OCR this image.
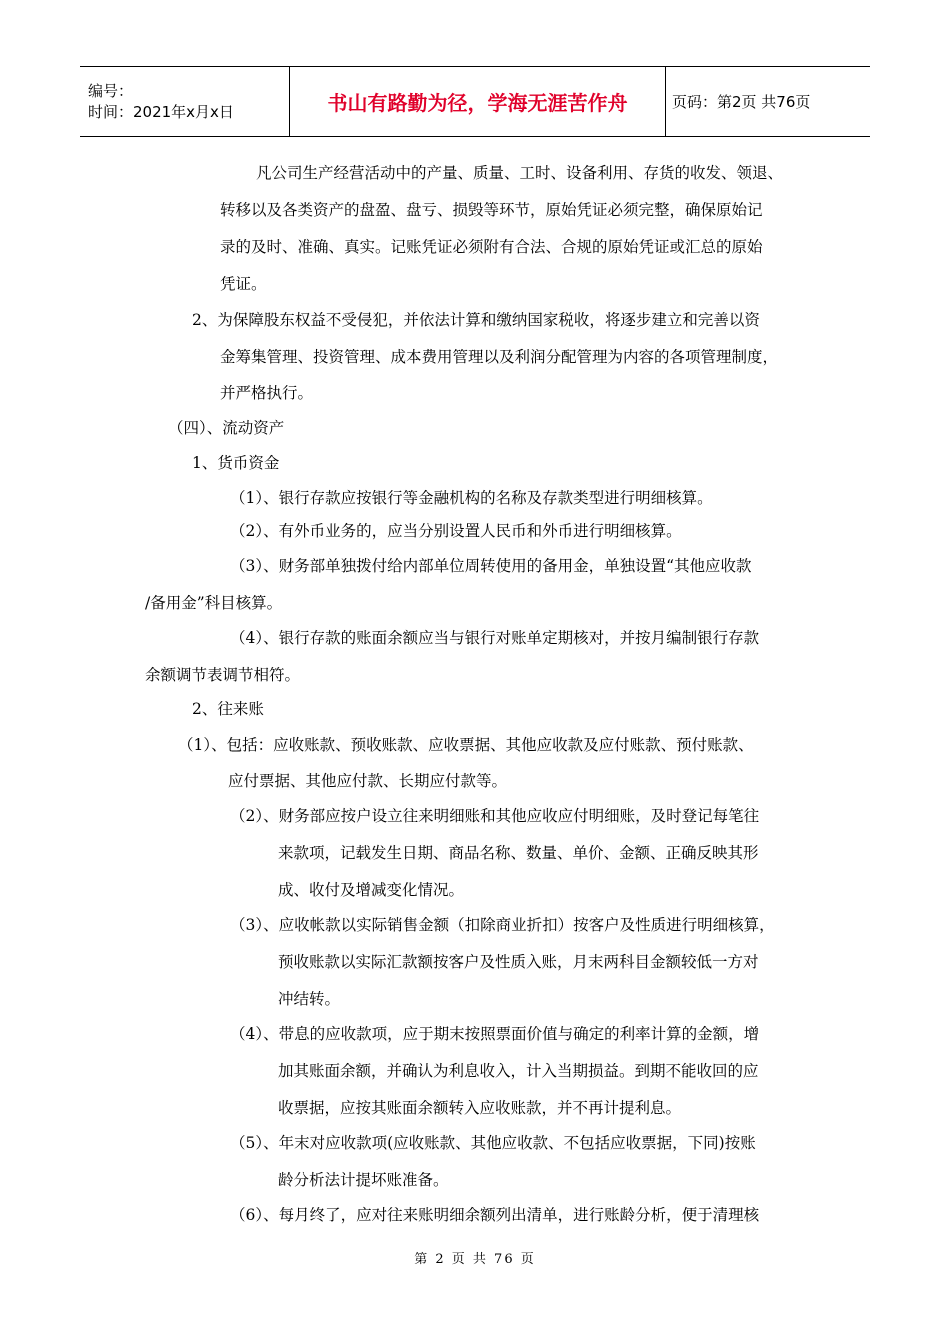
编号：
时间：2021年x月x日	书山有路勤为径，学海无涯苦作舟	页码：第2页 共76页
凡公司生产经营活动中的产量、质量、工时、设备利用、存货的收发、领退、
转移以及各类资产的盘盈、盘亏、损毁等环节，原始凭证必须完整，确保原始记
录的及时、准确、真实。记账凭证必须附有合法、合规的原始凭证或汇总的原始
凭证。
2、为保障股东权益不受侵犯，并依法计算和缴纳国家税收，将逐步建立和完善以资
金筹集管理、投资管理、成本费用管理以及利润分配管理为内容的各项管理制度，
并严格执行。
（四）、流动资产
1、货币资金
（1）、银行存款应按银行等金融机构的名称及存款类型进行明细核算。
（2）、有外币业务的，应当分别设置人民币和外币进行明细核算。
（3）、财务部单独拨付给内部单位周转使用的备用金，单独设置“其他应收款
/备用金”科目核算。
（4）、银行存款的账面余额应当与银行对账单定期核对，并按月编制银行存款
余额调节表调节相符。
2、往来账
（1）、包括：应收账款、预收账款、应收票据、其他应收款及应付账款、预付账款、
应付票据、其他应付款、长期应付款等。
（2）、财务部应按户设立往来明细账和其他应收应付明细账，及时登记每笔往
来款项，记载发生日期、商品名称、数量、单价、金额、正确反映其形
成、收付及增减变化情况。
（3）、应收帐款以实际销售金额（扣除商业折扣）按客户及性质进行明细核算，
预收账款以实际汇款额按客户及性质入账，月末两科目金额较低一方对
冲结转。
（4）、带息的应收款项，应于期末按照票面价值与确定的利率计算的金额，增
加其账面余额，并确认为利息收入，计入当期损益。到期不能收回的应
收票据，应按其账面余额转入应收账款，并不再计提利息。
（5）、年末对应收款项(应收账款、其他应收款、不包括应收票据，下同)按账
龄分析法计提坏账准备。
（6）、每月终了，应对往来账明细余额列出清单，进行账龄分析，便于清理核
第 2 页 共 76 页
